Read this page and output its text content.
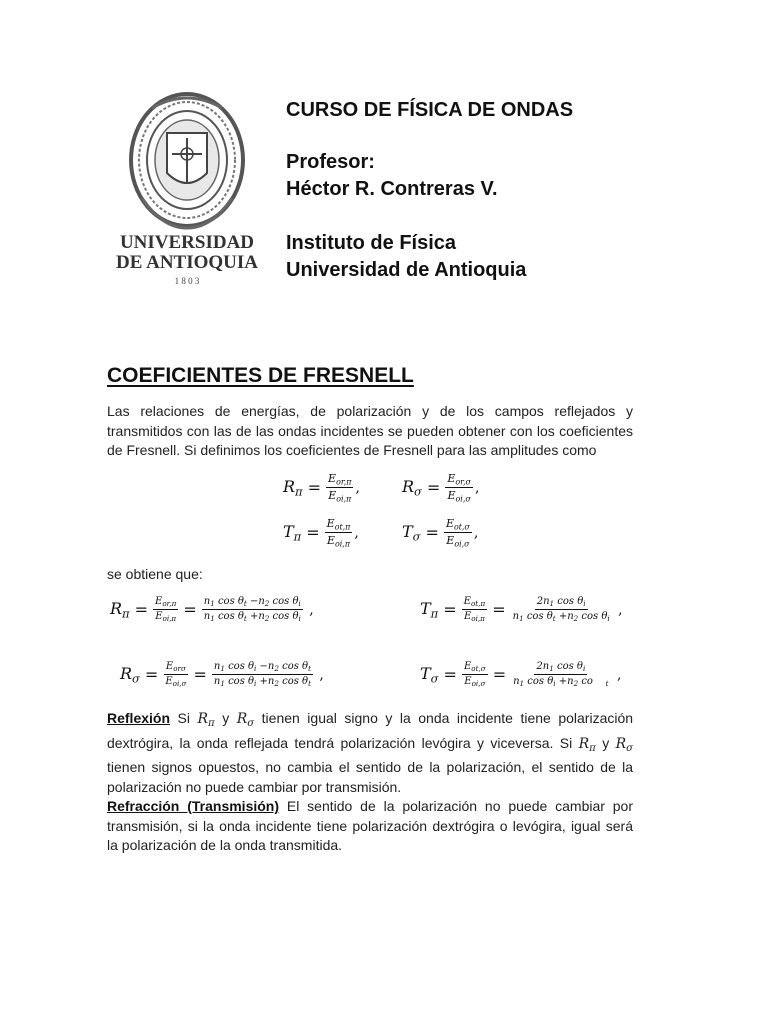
UNIVERSIDAD
DE ANTIOQUIA
1 8 0 3
CURSO DE FÍSICA DE ONDAS
Profesor:
Héctor R. Contreras V.
Instituto de Física
Universidad de Antioquia
COEFICIENTES DE FRESNELL
Las relaciones de energías, de polarización y de los campos reflejados y transmitidos con las de las ondas incidentes se pueden obtener con los coeficientes de Fresnell. Si definimos los coeficientes de Fresnell para las amplitudes como
$R_\pi = \frac{E_{or,\pi}}{E_{oi,\pi}}$ ,	$R_\sigma = \frac{E_{or,\sigma}}{E_{oi,\sigma}}$ ,
$T_\pi = \frac{E_{ot,\pi}}{E_{oi,\pi}}$ ,	$T_\sigma = \frac{E_{ot,\sigma}}{E_{oi,\sigma}}$ ,
se obtiene que:
$R_\pi = \frac{E_{or,\pi}}{E_{oi,\pi}} = \frac{n_1 \cos \theta_t -n_2 \cos \theta_i}{n_1 \cos \theta_t +n_2 \cos \theta_i}$ ,	$T_\pi = \frac{E_{ot,\pi}}{E_{oi,\pi}} = \frac{2n_1 \cos \theta_i}{n_1 \cos \theta_t +n_2 \cos \theta_i}$ ,
$R_\sigma = \frac{E_{or\sigma}}{E_{oi,\sigma}} = \frac{n_1 \cos \theta_i -n_2 \cos \theta_t}{n_1 \cos \theta_i +n_2 \cos \theta_t}$ ,	$T_\sigma = \frac{E_{ot,\sigma}}{E_{oi,\sigma}} = \frac{2n_1 \cos \theta_i}{n_1 \cos \theta_i +n_2 co _t}$ ,
Reflexión Si $R_\pi$ y $R_\sigma$ tienen igual signo y la onda incidente tiene polarización dextrógira, la onda reflejada tendrá polarización levógira y viceversa. Si $R_\pi$ y $R_\sigma$ tienen signos opuestos, no cambia el sentido de la polarización, el sentido de la polarización no puede cambiar por transmisión.
Refracción (Transmisión) El sentido de la polarización no puede cambiar por transmisión, si la onda incidente tiene polarización dextrógira o levógira, igual será la polarización de la onda transmitida.
